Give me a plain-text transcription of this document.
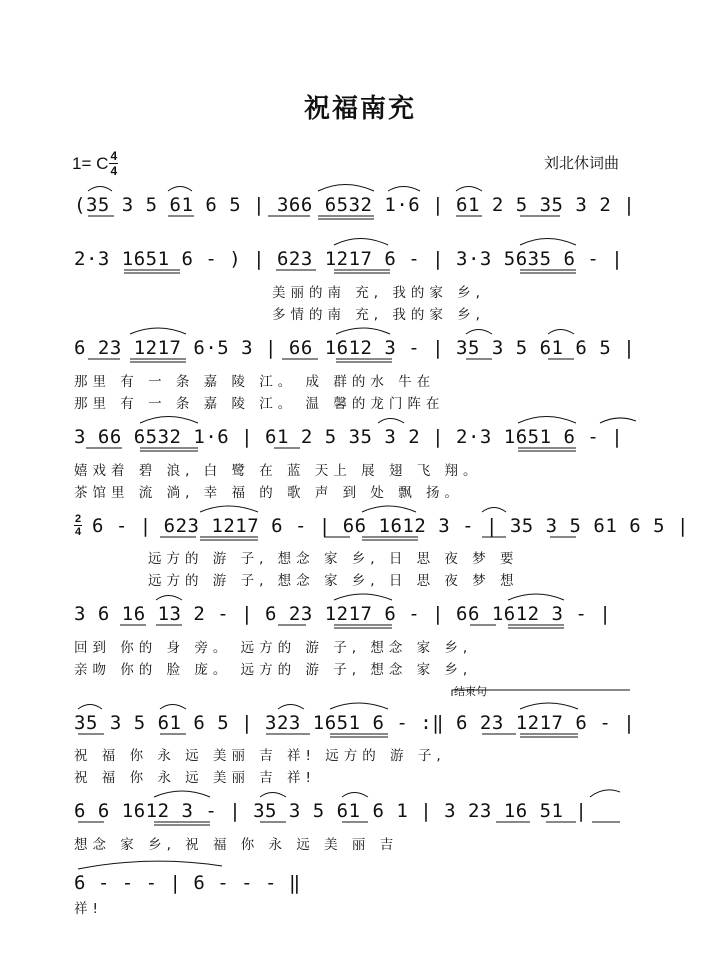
祝福南充
1= C $\frac{4}{4}$	刘北休词曲
(35 3 5 61 6 5 | 366 6532 1·6 | 61 2 5 35 3 2 |
2·3 1651 6 - ) | 623 1217 6 - | 3·3 5635 6 - |
美丽的南 充, 我的家 乡,
多情的南 充, 我的家 乡,
6 23 1217 6·5 3 | 66 1612 3 - | 35 3 5 61 6 5 |
那里 有 一 条 嘉 陵 江。 成 群的水 牛在
那里 有 一 条 嘉 陵 江。 温 馨的龙门阵在
3 66 6532 1·6 | 61 2 5 35 3 2 | 2·3 1651 6 - |
嬉戏着 碧 浪, 白 鹭 在 蓝 天上 展 翅 飞 翔。
茶馆里 流 淌, 幸 福 的 歌 声 到 处 飘 扬。
2
4 6 - | 623 1217 6 - | 66 1612 3 - | 35 3 5 61 6 5 |
远方的 游 子, 想念 家 乡, 日 思 夜 梦 要
远方的 游 子, 想念 家 乡, 日 思 夜 梦 想
3 6 16 13 2 - | 6 23 1217 6 - | 66 1612 3 - |
回到 你的 身 旁。 远方的 游 子, 想念 家 乡,
亲吻 你的 脸 庞。 远方的 游 子, 想念 家 乡,
结束句
35 3 5 61 6 5 | 323 1651 6 - :‖ 6 23 1217 6 - |
祝 福 你 永 远 美丽 吉 祥! 远方的 游 子,
祝 福 你 永 远 美丽 吉 祥!
6 6 1612 3 - | 35 3 5 61 6 1 | 3 23 16 51 |
想念 家 乡, 祝 福 你 永 远 美 丽 吉
6 - - - | 6 - - - ‖
祥!
